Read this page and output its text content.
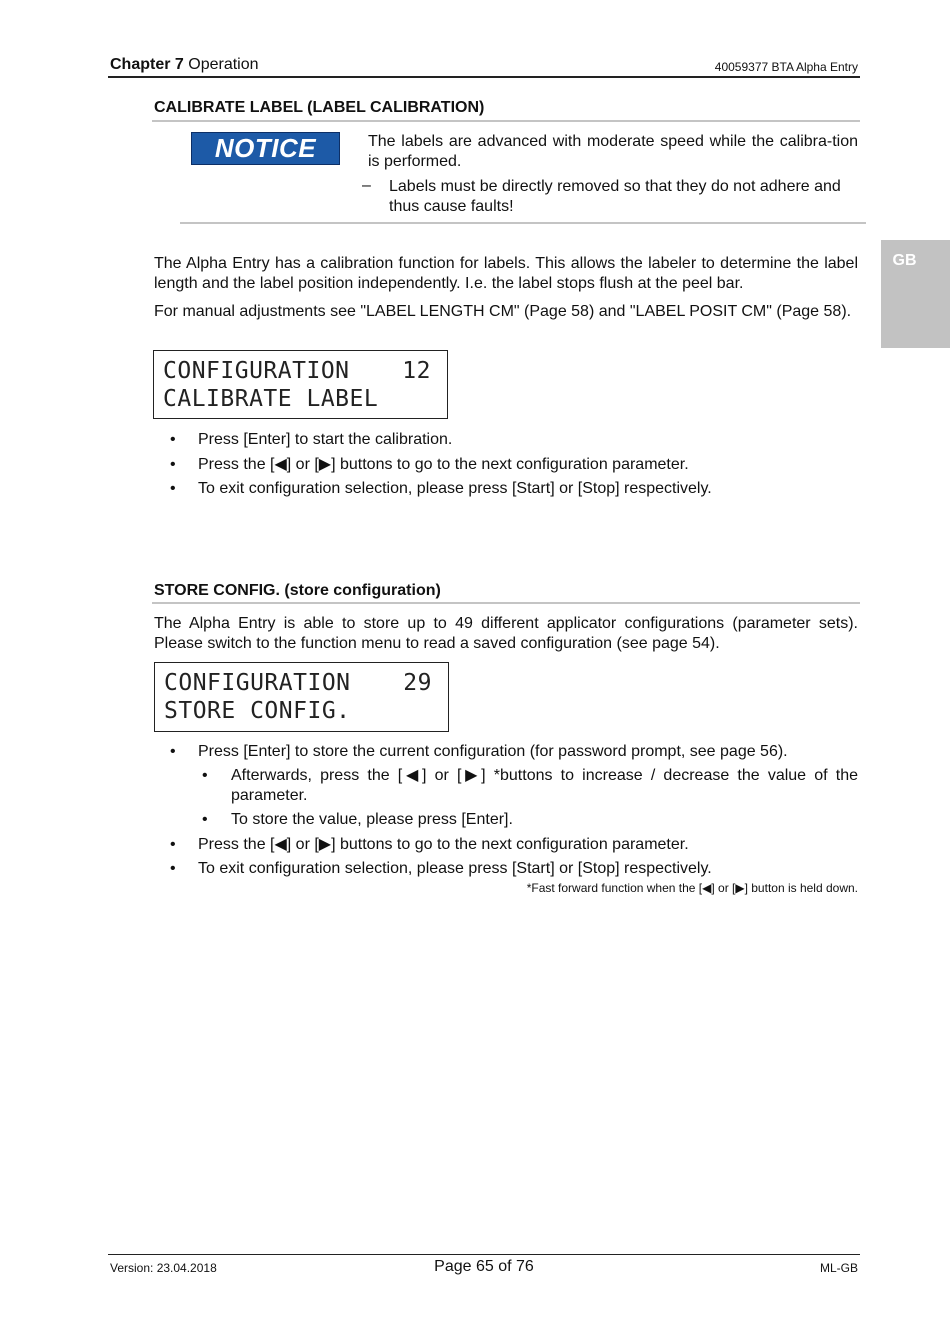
Chapter 7 Operation	40059377 BTA Alpha Entry
GB
CALIBRATE LABEL (LABEL CALIBRATION)
NOTICE	The labels are advanced with moderate speed while the calibra-tion is performed.
– Labels must be directly removed so that they do not adhere and thus cause faults!
The Alpha Entry has a calibration function for labels. This allows the labeler to determine the label length and the label position independently. I.e. the label stops flush at the peel bar.
For manual adjustments see "LABEL LENGTH CM" (Page 58) and "LABEL POSIT CM" (Page 58).
CONFIGURATION 12
CALIBRATE LABEL
• Press [Enter] to start the calibration.
• Press the [◀] or [▶] buttons to go to the next configuration parameter.
• To exit configuration selection, please press [Start] or [Stop] respectively.
STORE CONFIG. (store configuration)
The Alpha Entry is able to store up to 49 different applicator configurations (parameter sets). Please switch to the function menu to read a saved configuration (see page 54).
CONFIGURATION 29
STORE CONFIG.
• Press [Enter] to store the current configuration (for password prompt, see page 56).
• Afterwards, press the [◀] or [▶] *buttons to increase / decrease the value of the parameter.
• To store the value, please press [Enter].
• Press the [◀] or [▶] buttons to go to the next configuration parameter.
• To exit configuration selection, please press [Start] or [Stop] respectively.
*Fast forward function when the [◀] or [▶] button is held down.
Version: 23.04.2018	Page 65 of 76	ML-GB
